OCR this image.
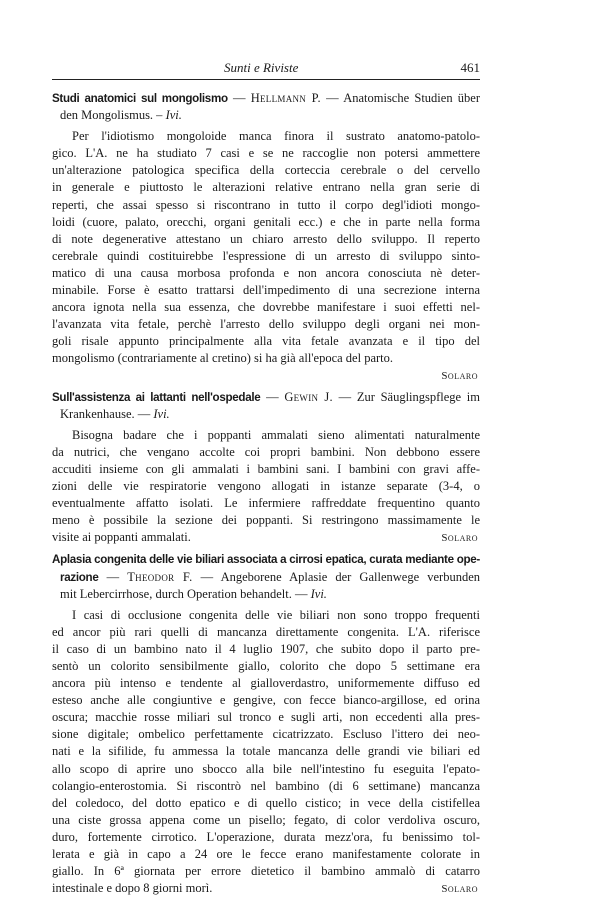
Sunti e Riviste	461
Studi anatomici sul mongolismo — Hellmann P. — Anatomische Studien über
den Mongolismus. – Ivi.
Per l'idiotismo mongoloide manca finora il sustrato anatomo-patolo-
gico. L'A. ne ha studiato 7 casi e se ne raccoglie non potersi ammettere
un'alterazione patologica specifica della corteccia cerebrale o del cervello
in generale e piuttosto le alterazioni relative entrano nella gran serie di
reperti, che assai spesso si riscontrano in tutto il corpo degl'idioti mongo-
loidi (cuore, palato, orecchi, organi genitali ecc.) e che in parte nella forma
di note degenerative attestano un chiaro arresto dello sviluppo. Il reperto
cerebrale quindi costituirebbe l'espressione di un arresto di sviluppo sinto-
matico di una causa morbosa profonda e non ancora conosciuta nè deter-
minabile. Forse è esatto trattarsi dell'impedimento di una secrezione interna
ancora ignota nella sua essenza, che dovrebbe manifestare i suoi effetti nel-
l'avanzata vita fetale, perchè l'arresto dello sviluppo degli organi nei mon-
goli risale appunto principalmente alla vita fetale avanzata e il tipo del
mongolismo (contrariamente al cretino) si ha già all'epoca del parto.
Solaro
Sull'assistenza ai lattanti nell'ospedale — Gewin J. — Zur Säuglingspflege im
Krankenhause. — Ivi.
Bisogna badare che i poppanti ammalati sieno alimentati naturalmente
da nutrici, che vengano accolte coi propri bambini. Non debbono essere
accuditi insieme con gli ammalati i bambini sani. I bambini con gravi affe-
zioni delle vie respiratorie vengono allogati in istanze separate (3-4, o
eventualmente affatto isolati. Le infermiere raffreddate frequentino quanto
meno è possibile la sezione dei poppanti. Si restringono massimamente le
visite ai poppanti ammalati.	Solaro
Aplasia congenita delle vie biliari associata a cirrosi epatica, curata mediante ope-
razione — Theodor F. — Angeborene Aplasie der Gallenwege verbunden
mit Lebercirrhose, durch Operation behandelt. — Ivi.
I casi di occlusione congenita delle vie biliari non sono troppo frequenti
ed ancor più rari quelli di mancanza direttamente congenita. L'A. riferisce
il caso di un bambino nato il 4 luglio 1907, che subito dopo il parto pre-
sentò un colorito sensibilmente giallo, colorito che dopo 5 settimane era
ancora più intenso e tendente al gialloverdastro, uniformemente diffuso ed
esteso anche alle congiuntive e gengive, con fecce bianco-argillose, ed orina
oscura; macchie rosse miliari sul tronco e sugli arti, non eccedenti alla pres-
sione digitale; ombelico perfettamente cicatrizzato. Escluso l'ittero dei neo-
nati e la sifilide, fu ammessa la totale mancanza delle grandi vie biliari ed
allo scopo di aprire uno sbocco alla bile nell'intestino fu eseguita l'epato-
colangio-enterostomia. Si riscontrò nel bambino (di 6 settimane) mancanza
del coledoco, del dotto epatico e di quello cistico; in vece della cistifellea
una ciste grossa appena come un pisello; fegato, di color verdoliva oscuro,
duro, fortemente cirrotico. L'operazione, durata mezz'ora, fu benissimo tol-
lerata e già in capo a 24 ore le fecce erano manifestamente colorate in
giallo. In 6ª giornata per errore dietetico il bambino ammalò di catarro
intestinale e dopo 8 giorni morì.	Solaro
